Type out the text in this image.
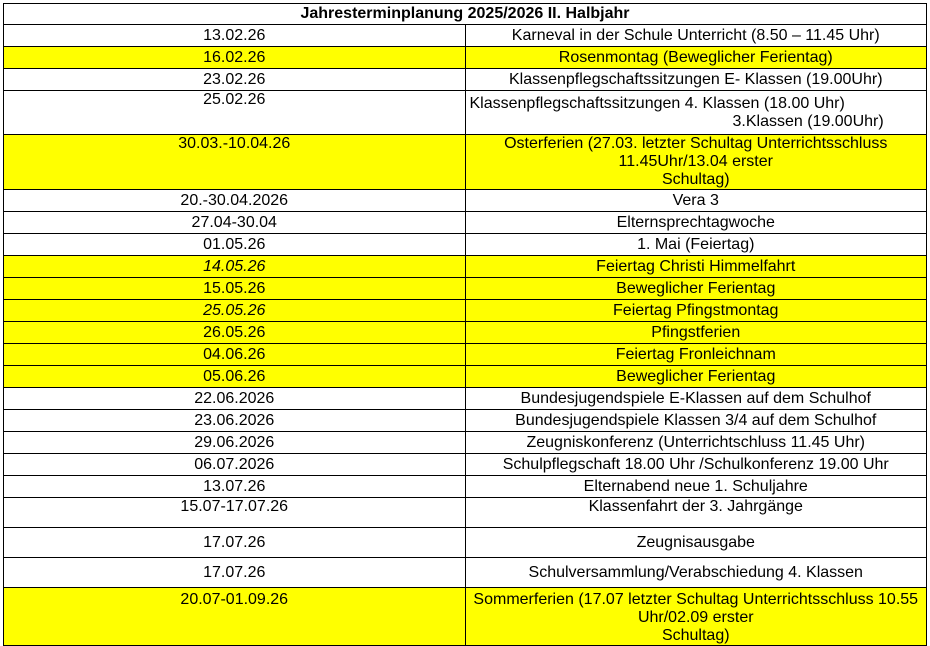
Jahresterminplanung 2025/2026 II. Halbjahr	
13.02.26	Karneval in der Schule Unterricht (8.50 – 11.45 Uhr)
16.02.26	Rosenmontag (Beweglicher Ferientag)
23.02.26	Klassenpflegschaftssitzungen E- Klassen (19.00Uhr)
25.02.26	Klassenpflegschaftssitzungen 4. Klassen (18.00 Uhr)
3.Klassen (19.00Uhr)

30.03.-10.04.26	Osterferien (27.03. letzter Schultag Unterrichtsschluss 11.45Uhr/13.04 erster
Schultag)

20.-30.04.2026	Vera 3
27.04-30.04	Elternsprechtagwoche
01.05.26	1. Mai (Feiertag)
14.05.26	Feiertag Christi Himmelfahrt
15.05.26	Beweglicher Ferientag
25.05.26	Feiertag Pfingstmontag
26.05.26	Pfingstferien
04.06.26	Feiertag Fronleichnam
05.06.26	Beweglicher Ferientag
22.06.2026	Bundesjugendspiele E-Klassen auf dem Schulhof
23.06.2026	Bundesjugendspiele Klassen 3/4 auf dem Schulhof
29.06.2026	Zeugniskonferenz (Unterrichtschluss 11.45 Uhr)
06.07.2026	Schulpflegschaft 18.00 Uhr /Schulkonferenz 19.00 Uhr
13.07.26	Elternabend neue 1. Schuljahre
15.07-17.07.26	Klassenfahrt der 3. Jahrgänge
17.07.26	Zeugnisausgabe
17.07.26	Schulversammlung/Verabschiedung 4. Klassen
20.07-01.09.26	Sommerferien (17.07 letzter Schultag Unterrichtsschluss 10.55 Uhr/02.09 erster
Schultag)
